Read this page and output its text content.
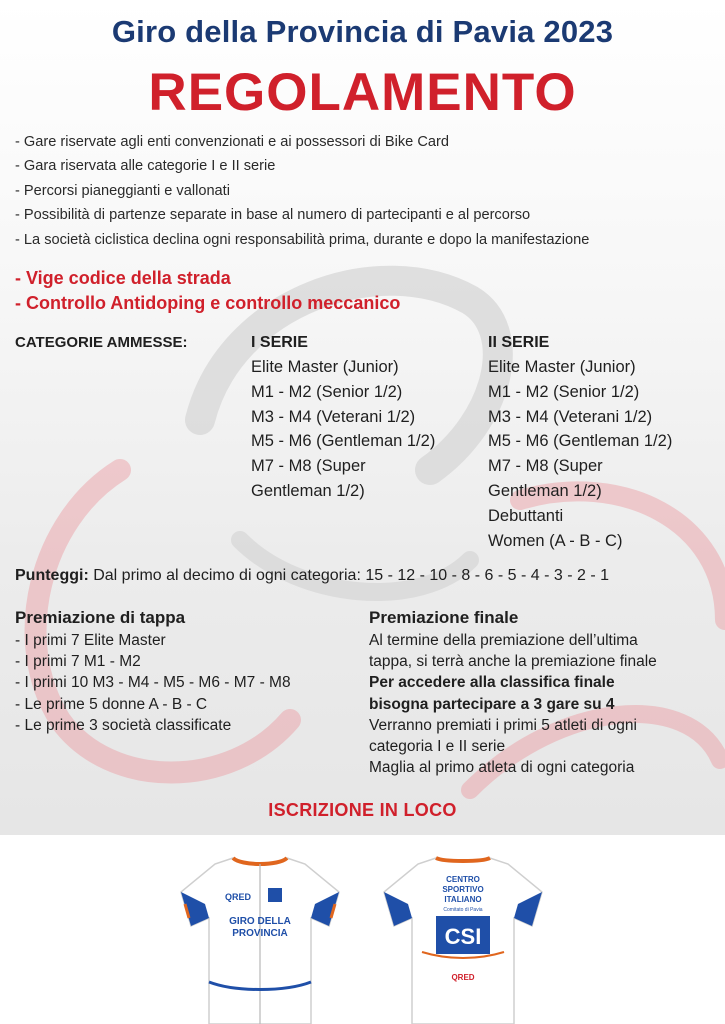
Giro della Provincia di Pavia 2023
REGOLAMENTO
- Gare riservate agli enti convenzionati e ai possessori di Bike Card
- Gara riservata alle categorie I e II serie
- Percorsi pianeggianti e vallonati
- Possibilità di partenze separate in base al numero di partecipanti e al percorso
- La società ciclistica declina ogni responsabilità prima, durante e dopo la manifestazione
- Vige codice della strada
- Controllo Antidoping e controllo meccanico
CATEGORIE AMMESSE:	I SERIE
Elite Master (Junior)
M1 - M2 (Senior 1/2)
M3 - M4 (Veterani 1/2)
M5 - M6 (Gentleman 1/2)
M7 - M8 (Super
Gentleman 1/2)
II SERIE
Elite Master (Junior)
M1 - M2 (Senior 1/2)
M3 - M4 (Veterani 1/2)
M5 - M6 (Gentleman 1/2)
M7 - M8 (Super
Gentleman 1/2)
Debuttanti
Women (A - B - C)
Punteggi: Dal primo al decimo di ogni categoria: 15 - 12 - 10 - 8 - 6 - 5 - 4 - 3 - 2 - 1
Premiazione di tappa
- I primi 7 Elite Master
- I primi 7 M1 - M2
- I primi 10 M3 - M4 - M5 - M6 - M7 - M8
- Le prime 5 donne A - B - C
- Le prime 3 società classificate
Premiazione finale

Al termine della premiazione dell’ultima

tappa, si terrà anche la premiazione finale

Per accedere alla classifica finale

bisogna partecipare a 3 gare su 4

Verranno premiati i primi 5 atleti di ogni

categoria I e II serie

Maglia al primo atleta di ogni categoria

ISCRIZIONE IN LOCO
QRED
GIRO DELLA
PROVINCIA
CENTRO
SPORTIVO
ITALIANO
Comitato di Pavia
CSI
QRED
